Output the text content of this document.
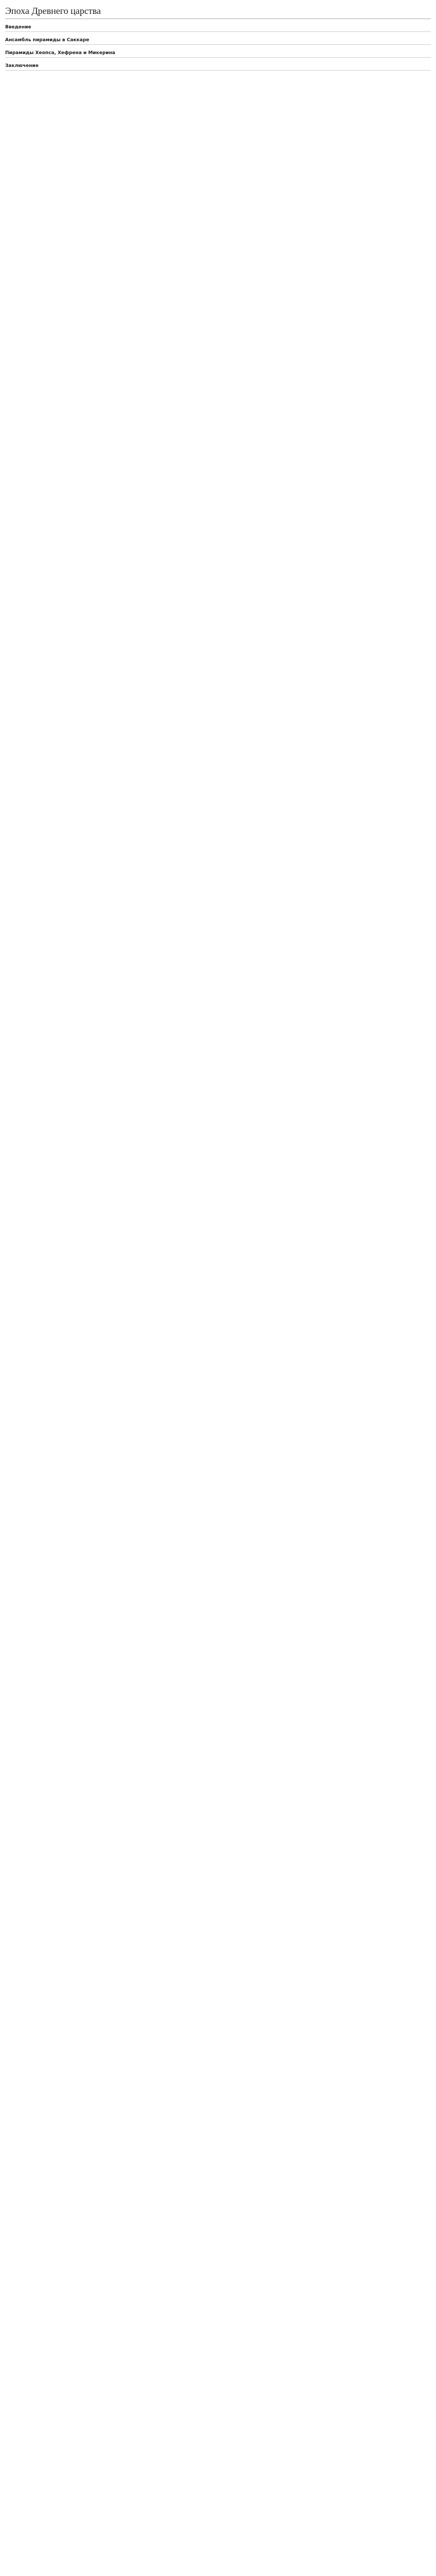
Эпоха Древнего царства
Введение

Ансамбль пирамиды в Саккаре

Пирамиды Хеопса, Хефрена и Микерина

Заключение
